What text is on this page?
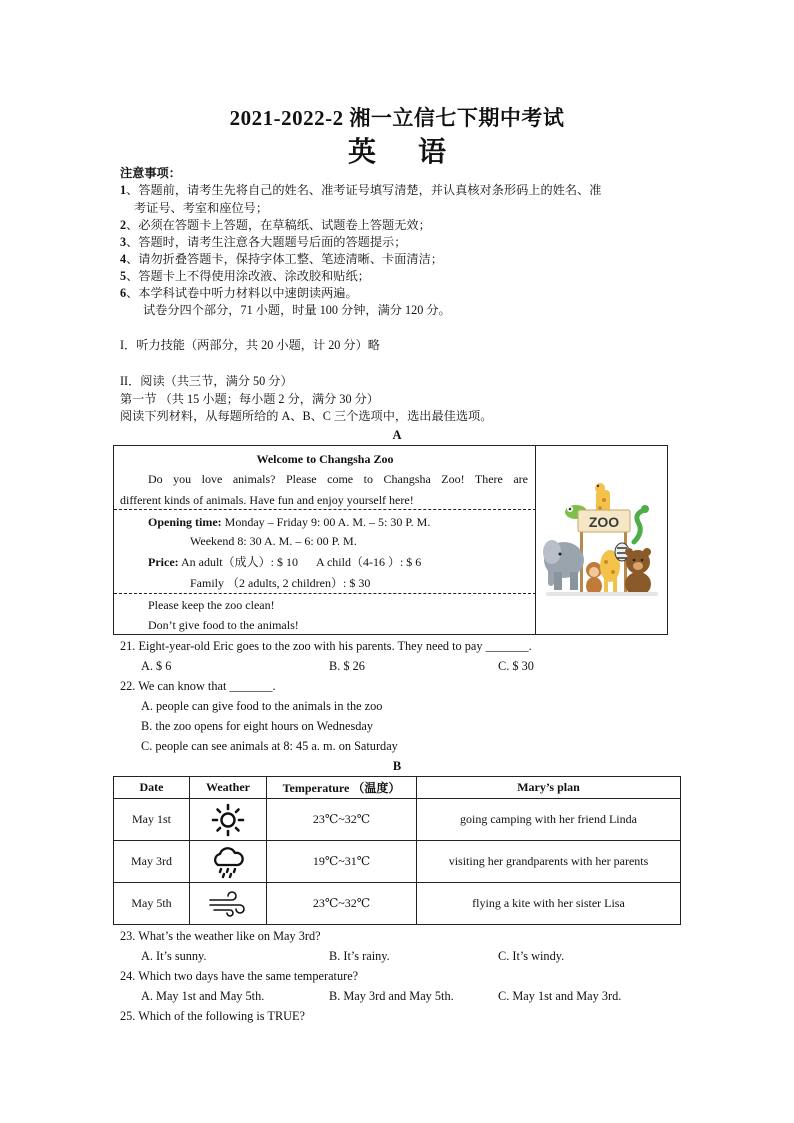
2021-2022-2 湘一立信七下期中考试
英 语
注意事项：
1、答题前，请考生先将自己的姓名、准考证号填写清楚，并认真核对条形码上的姓名、准
考证号、考室和座位号；
2、必须在答题卡上答题，在草稿纸、试题卷上答题无效；
3、答题时，请考生注意各大题题号后面的答题提示；
4、请勿折叠答题卡，保持字体工整、笔迹清晰、卡面清洁；
5、答题卡上不得使用涂改液、涂改胶和贴纸；
6、本学科试卷中听力材料以中速朗读两遍。
试卷分四个部分，71 小题，时量 100 分钟，满分 120 分。
I．听力技能（两部分，共 20 小题，计 20 分）略
II．阅读（共三节，满分 50 分）
第一节 （共 15 小题；每小题 2 分，满分 30 分）
阅读下列材料，从每题所给的 A、B、C 三个选项中，选出最佳选项。
A
Welcome to Changsha Zoo
Do you love animals? Please come to Changsha Zoo! There are
different kinds of animals. Have fun and enjoy yourself here!
Opening time: Monday – Friday 9: 00 A. M. – 5: 30 P. M.
Weekend 8: 30 A. M. – 6: 00 P. M.
Price: An adult（成人）: $ 10      A child（4-16 ）: $ 6
Family （2 adults, 2 children）: $ 30
Please keep the zoo clean!
Don’t give food to the animals!
ZOO
21. Eight-year-old Eric goes to the zoo with his parents. They need to pay _______.
A. $ 6	B. $ 26	C. $ 30
22. We can know that _______.
A. people can give food to the animals in the zoo
B. the zoo opens for eight hours on Wednesday
C. people can see animals at 8: 45 a. m. on Saturday
B
Date	Weather	Temperature （温度）	Mary’s plan
May 1st		23℃~32℃	going camping with her friend Linda
May 3rd		19℃~31℃	visiting her grandparents with her parents
May 5th		23℃~32℃	flying a kite with her sister Lisa
23. What’s the weather like on May 3rd?
A. It’s sunny.	B. It’s rainy.	C. It’s windy.
24. Which two days have the same temperature?
A. May 1st and May 5th.	B. May 3rd and May 5th.	C. May 1st and May 3rd.
25. Which of the following is TRUE?
